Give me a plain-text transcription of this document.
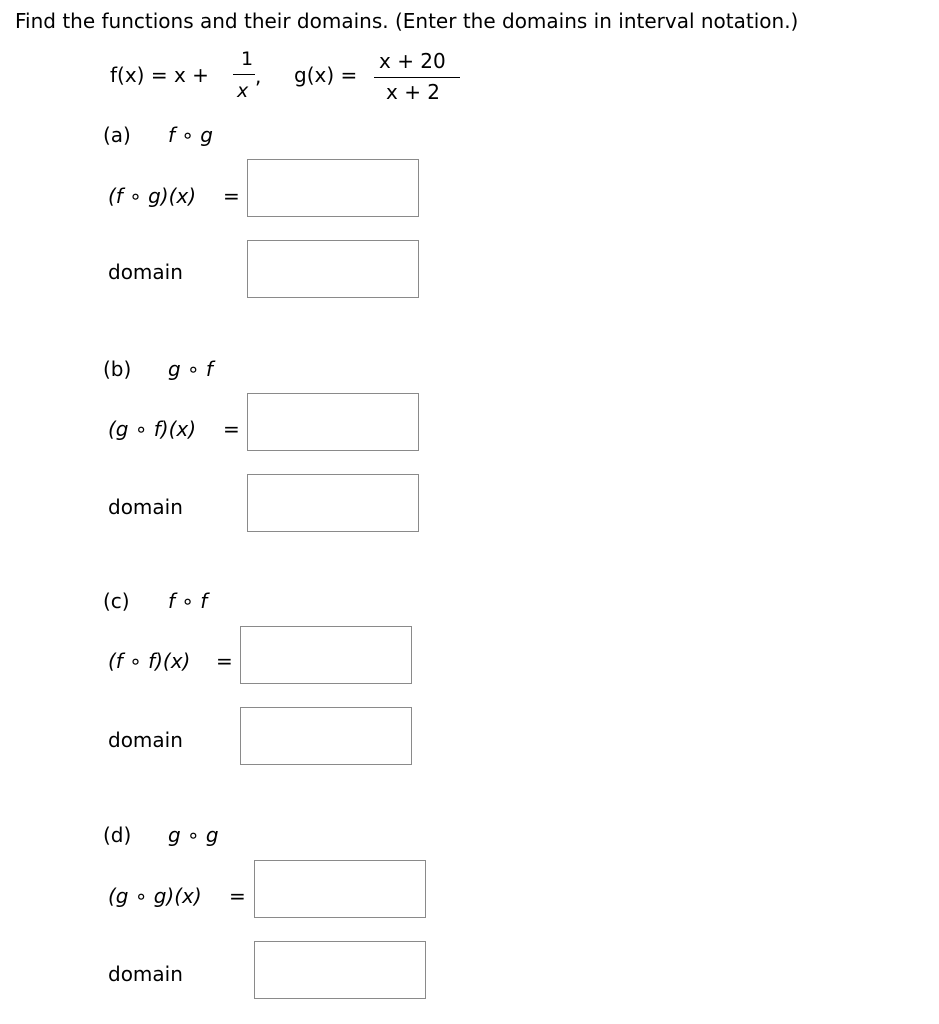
Find the functions and their domains. (Enter the domains in interval notation.)
f(x) = x +
1
x
, g(x) =
x + 20
x + 2
(a) f ∘ g
(f ∘ g)(x) =
domain
(b) g ∘ f
(g ∘ f)(x) =
domain
(c) f ∘ f
(f ∘ f)(x) =
domain
(d) g ∘ g
(g ∘ g)(x) =
domain
